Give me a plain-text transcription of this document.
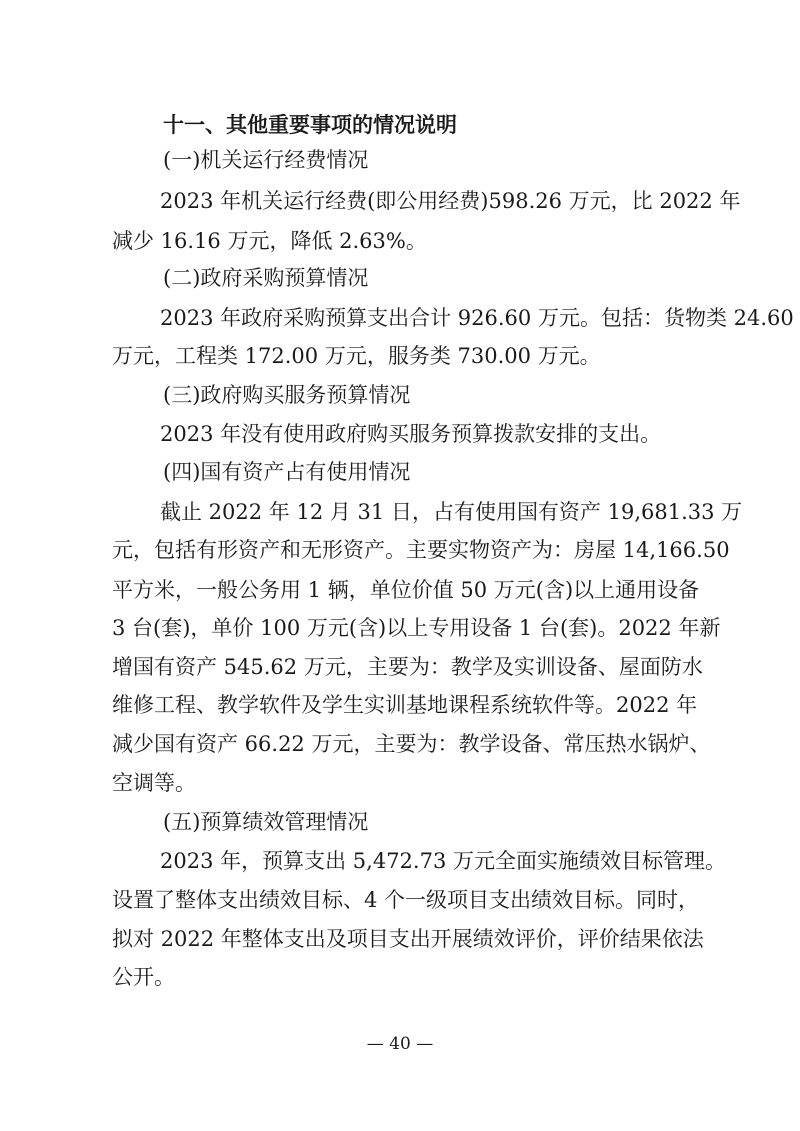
十一、其他重要事项的情况说明
(一)机关运行经费情况
2023 年机关运行经费(即公用经费)598.26 万元，比 2022 年
减少 16.16 万元，降低 2.63%。
(二)政府采购预算情况
2023 年政府采购预算支出合计 926.60 万元。包括：货物类 24.60
万元，工程类 172.00 万元，服务类 730.00 万元。
(三)政府购买服务预算情况
2023 年没有使用政府购买服务预算拨款安排的支出。
(四)国有资产占有使用情况
截止 2022 年 12 月 31 日，占有使用国有资产 19,681.33 万
元，包括有形资产和无形资产。主要实物资产为：房屋 14,166.50
平方米，一般公务用 1 辆，单位价值 50 万元(含)以上通用设备
3 台(套)，单价 100 万元(含)以上专用设备 1 台(套)。2022 年新
增国有资产 545.62 万元，主要为：教学及实训设备、屋面防水
维修工程、教学软件及学生实训基地课程系统软件等。2022 年
减少国有资产 66.22 万元，主要为：教学设备、常压热水锅炉、
空调等。
(五)预算绩效管理情况
2023 年，预算支出 5,472.73 万元全面实施绩效目标管理。
设置了整体支出绩效目标、4 个一级项目支出绩效目标。同时，
拟对 2022 年整体支出及项目支出开展绩效评价，评价结果依法
公开。
— 40 —
